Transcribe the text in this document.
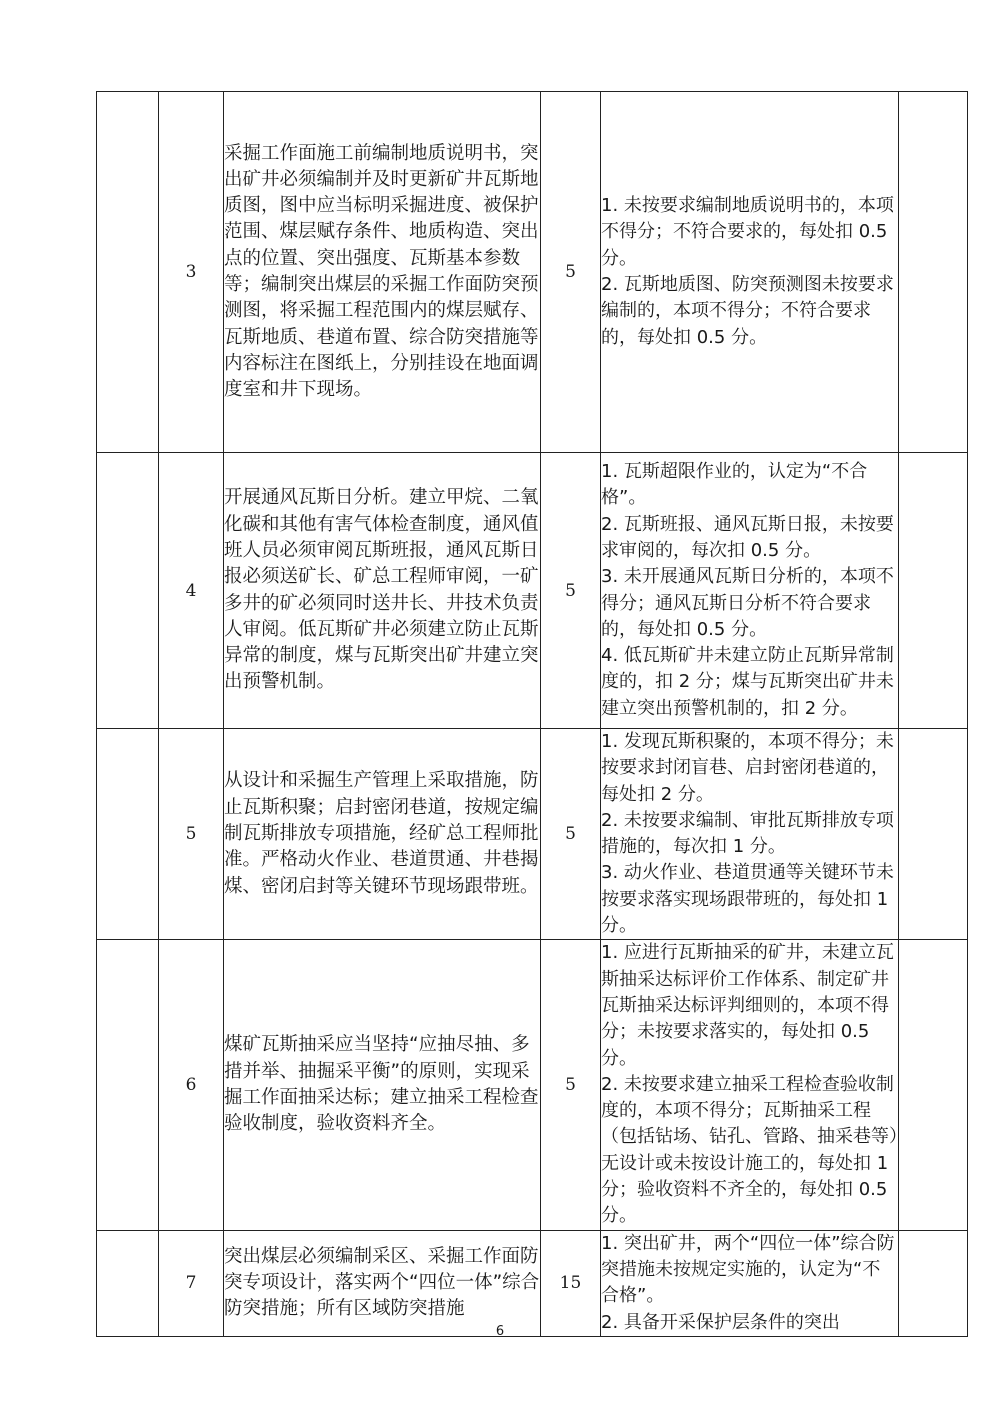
	3	采掘工作面施工前编制地质说明书，突出矿井必须编制并及时更新矿井瓦斯地质图，图中应当标明采掘进度、被保护范围、煤层赋存条件、地质构造、突出点的位置、突出强度、瓦斯基本参数等；编制突出煤层的采掘工作面防突预测图，将采掘工程范围内的煤层赋存、瓦斯地质、巷道布置、综合防突措施等内容标注在图纸上，分别挂设在地面调度室和井下现场。	5	1. 未按要求编制地质说明书的，本项不得分；不符合要求的，每处扣 0.5 分。
2. 瓦斯地质图、防突预测图未按要求编制的，本项不得分；不符合要求的，每处扣 0.5 分。	

	4	开展通风瓦斯日分析。建立甲烷、二氧化碳和其他有害气体检查制度，通风值班人员必须审阅瓦斯班报，通风瓦斯日报必须送矿长、矿总工程师审阅，一矿多井的矿必须同时送井长、井技术负责人审阅。低瓦斯矿井必须建立防止瓦斯异常的制度，煤与瓦斯突出矿井建立突出预警机制。	5	1. 瓦斯超限作业的，认定为“不合格”。
2. 瓦斯班报、通风瓦斯日报，未按要求审阅的，每次扣 0.5 分。
3. 未开展通风瓦斯日分析的，本项不得分；通风瓦斯日分析不符合要求的，每处扣 0.5 分。
4. 低瓦斯矿井未建立防止瓦斯异常制度的，扣 2 分；煤与瓦斯突出矿井未建立突出预警机制的，扣 2 分。	

	5	从设计和采掘生产管理上采取措施，防止瓦斯积聚；启封密闭巷道，按规定编制瓦斯排放专项措施，经矿总工程师批准。严格动火作业、巷道贯通、井巷揭煤、密闭启封等关键环节现场跟带班。	5	1. 发现瓦斯积聚的，本项不得分；未按要求封闭盲巷、启封密闭巷道的，每处扣 2 分。
2. 未按要求编制、审批瓦斯排放专项措施的，每次扣 1 分。
3. 动火作业、巷道贯通等关键环节未按要求落实现场跟带班的，每处扣 1 分。	

	6	煤矿瓦斯抽采应当坚持“应抽尽抽、多措并举、抽掘采平衡”的原则，实现采掘工作面抽采达标；建立抽采工程检查验收制度，验收资料齐全。	5	1. 应进行瓦斯抽采的矿井，未建立瓦斯抽采达标评价工作体系、制定矿井瓦斯抽采达标评判细则的，本项不得分；未按要求落实的，每处扣 0.5 分。
2. 未按要求建立抽采工程检查验收制度的，本项不得分；瓦斯抽采工程（包括钻场、钻孔、管路、抽采巷等）无设计或未按设计施工的，每处扣 1 分；验收资料不齐全的，每处扣 0.5 分。	

	7	突出煤层必须编制采区、采掘工作面防突专项设计，落实两个“四位一体”综合防突措施；所有区域防突措施	15	1. 突出矿井，两个“四位一体”综合防突措施未按规定实施的，认定为“不合格”。
2. 具备开采保护层条件的突出	

6
